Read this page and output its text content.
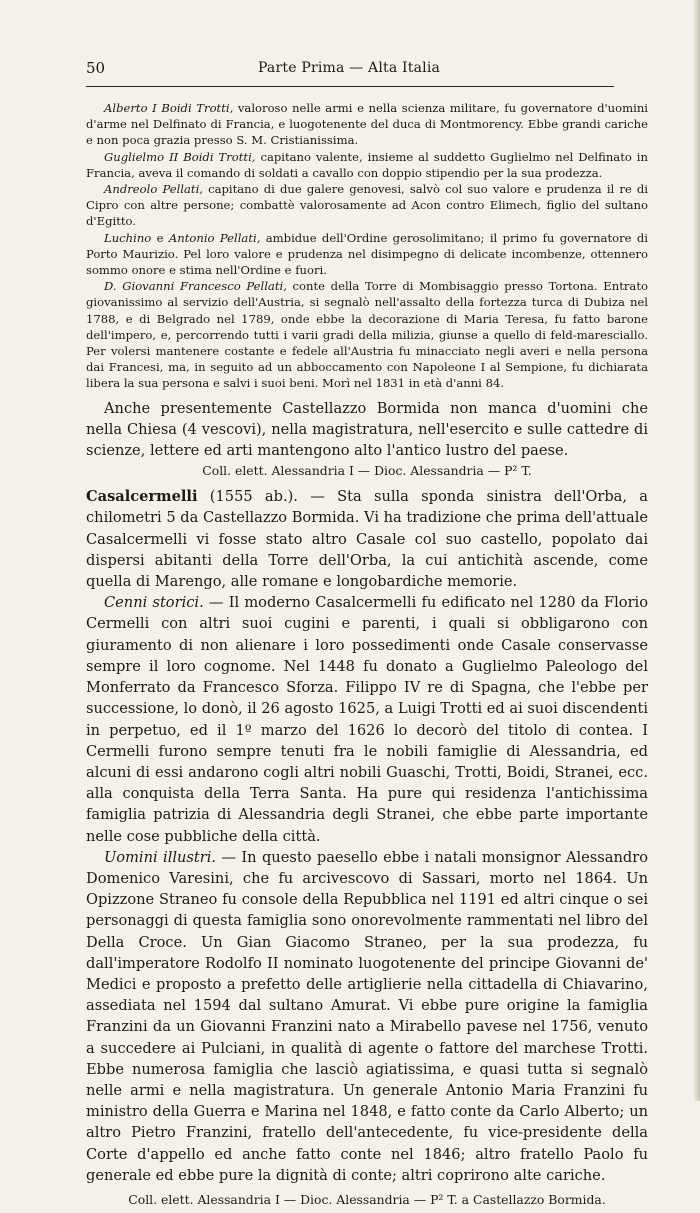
50	Parte Prima — Alta Italia

Alberto I Boidi Trotti, valoroso nelle armi e nella scienza militare, fu governatore d'uomini d'arme nel Delfinato di Francia, e luogotenente del duca di Montmorency. Ebbe grandi cariche e non poca grazia presso S. M. Cristianissima.

Guglielmo II Boidi Trotti, capitano valente, insieme al suddetto Guglielmo nel Delfinato in Francia, aveva il comando di soldati a cavallo con doppio stipendio per la sua prodezza.

Andreolo Pellati, capitano di due galere genovesi, salvò col suo valore e prudenza il re di Cipro con altre persone; combattè valorosamente ad Acon contro Elimech, figlio del sultano d'Egitto.

Luchino e Antonio Pellati, ambidue dell'Ordine gerosolimitano; il primo fu governatore di Porto Maurizio. Pel loro valore e prudenza nel disimpegno di delicate incombenze, ottennero sommo onore e stima nell'Ordine e fuori.

D. Giovanni Francesco Pellati, conte della Torre di Mombisaggio presso Tortona. Entrato giovanissimo al servizio dell'Austria, si segnalò nell'assalto della fortezza turca di Dubiza nel 1788, e di Belgrado nel 1789, onde ebbe la decorazione di Maria Teresa, fu fatto barone dell'impero, e, percorrendo tutti i varii gradi della milizia, giunse a quello di feld-maresciallo. Per volersi mantenere costante e fedele all'Austria fu minacciato negli averi e nella persona dai Francesi, ma, in seguito ad un abboccamento con Napoleone I al Sempione, fu dichiarata libera la sua persona e salvi i suoi beni. Morì nel 1831 in età d'anni 84.

Anche presentemente Castellazzo Bormida non manca d'uomini che nella Chiesa (4 vescovi), nella magistratura, nell'esercito e sulle cattedre di scienze, lettere ed arti mantengono alto l'antico lustro del paese.

Coll. elett. Alessandria I — Dioc. Alessandria — P² T.

Casalcermelli (1555 ab.). — Sta sulla sponda sinistra dell'Orba, a chilometri 5 da Castellazzo Bormida. Vi ha tradizione che prima dell'attuale Casalcermelli vi fosse stato altro Casale col suo castello, popolato dai dispersi abitanti della Torre dell'Orba, la cui antichità ascende, come quella di Marengo, alle romane e longobardiche memorie.

Cenni storici. — Il moderno Casalcermelli fu edificato nel 1280 da Florio Cermelli con altri suoi cugini e parenti, i quali si obbligarono con giuramento di non alienare i loro possedimenti onde Casale conservasse sempre il loro cognome. Nel 1448 fu donato a Guglielmo Paleologo del Monferrato da Francesco Sforza. Filippo IV re di Spagna, che l'ebbe per successione, lo donò, il 26 agosto 1625, a Luigi Trotti ed ai suoi discendenti in perpetuo, ed il 1º marzo del 1626 lo decorò del titolo di contea. I Cermelli furono sempre tenuti fra le nobili famiglie di Alessandria, ed alcuni di essi andarono cogli altri nobili Guaschi, Trotti, Boidi, Stranei, ecc. alla conquista della Terra Santa. Ha pure qui residenza l'antichissima famiglia patrizia di Alessandria degli Stranei, che ebbe parte importante nelle cose pubbliche della città.

Uomini illustri. — In questo paesello ebbe i natali monsignor Alessandro Domenico Varesini, che fu arcivescovo di Sassari, morto nel 1864. Un Opizzone Straneo fu console della Repubblica nel 1191 ed altri cinque o sei personaggi di questa famiglia sono onorevolmente rammentati nel libro del Della Croce. Un Gian Giacomo Straneo, per la sua prodezza, fu dall'imperatore Rodolfo II nominato luogotenente del principe Giovanni de' Medici e proposto a prefetto delle artiglierie nella cittadella di Chiavarino, assediata nel 1594 dal sultano Amurat. Vi ebbe pure origine la famiglia Franzini da un Giovanni Franzini nato a Mirabello pavese nel 1756, venuto a succedere ai Pulciani, in qualità di agente o fattore del marchese Trotti. Ebbe numerosa famiglia che lasciò agiatissima, e quasi tutta si segnalò nelle armi e nella magistratura. Un generale Antonio Maria Franzini fu ministro della Guerra e Marina nel 1848, e fatto conte da Carlo Alberto; un altro Pietro Franzini, fratello dell'antecedente, fu vice-presidente della Corte d'appello ed anche fatto conte nel 1846; altro fratello Paolo fu generale ed ebbe pure la dignità di conte; altri coprirono alte cariche.

Coll. elett. Alessandria I — Dioc. Alessandria — P² T. a Castellazzo Bormida.
